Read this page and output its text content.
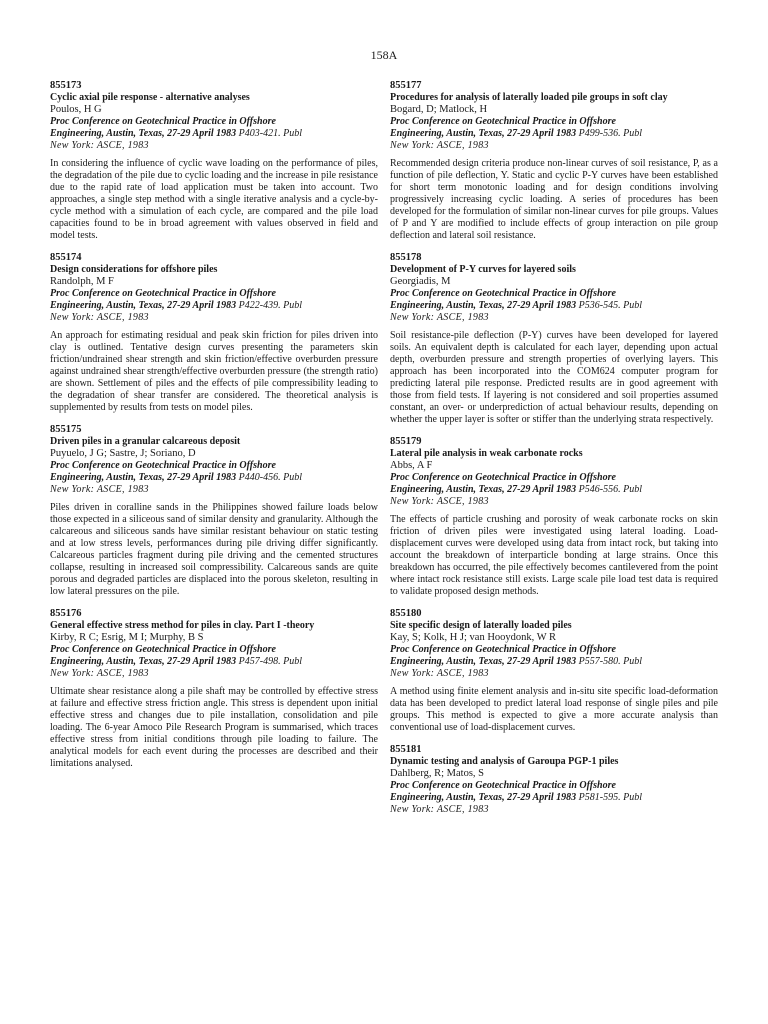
158A
855173
Cyclic axial pile response - alternative analyses
Poulos, H G
Proc Conference on Geotechnical Practice in Offshore
Engineering, Austin, Texas, 27-29 April 1983 P403-421. Publ
New York: ASCE, 1983
In considering the influence of cyclic wave loading on the performance of piles, the degradation of the pile due to cyclic loading and the increase in pile resistance due to the rapid rate of load application must be taken into account. Two approaches, a single step method with a single iterative analysis and a cycle-by-cycle method with a simulation of each cycle, are compared and the pile load capacities found to be in broad agreement with values observed in field and model tests.
855174
Design considerations for offshore piles
Randolph, M F
Proc Conference on Geotechnical Practice in Offshore
Engineering, Austin, Texas, 27-29 April 1983 P422-439. Publ
New York: ASCE, 1983
An approach for estimating residual and peak skin friction for piles driven into clay is outlined. Tentative design curves presenting the parameters skin friction/undrained shear strength and skin friction/effective overburden pressure against undrained shear strength/effective overburden pressure (the strength ratio) are shown. Settlement of piles and the effects of pile compressibility leading to the degradation of shear transfer are considered. The theoretical analysis is supplemented by results from tests on model piles.
855175
Driven piles in a granular calcareous deposit
Puyuelo, J G; Sastre, J; Soriano, D
Proc Conference on Geotechnical Practice in Offshore
Engineering, Austin, Texas, 27-29 April 1983 P440-456. Publ
New York: ASCE, 1983
Piles driven in coralline sands in the Philippines showed failure loads below those expected in a siliceous sand of similar density and granularity. Although the calcareous and siliceous sands have similar resistant behaviour on static testing and at low stress levels, performances during pile driving differ significantly. Calcareous particles fragment during pile driving and the cemented structures collapse, resulting in increased soil compressibility. Calcareous sands are quite porous and degraded particles are displaced into the porous skeleton, resulting in low lateral pressures on the pile.
855176
General effective stress method for piles in clay. Part I -theory
Kirby, R C; Esrig, M I; Murphy, B S
Proc Conference on Geotechnical Practice in Offshore
Engineering, Austin, Texas, 27-29 April 1983 P457-498. Publ
New York: ASCE, 1983
Ultimate shear resistance along a pile shaft may be controlled by effective stress at failure and effective stress friction angle. This stress is dependent upon initial effective stress and changes due to pile installation, consolidation and pile loading. The 6-year Amoco Pile Research Program is summarised, which traces effective stress from initial conditions through pile loading to failure. The analytical models for each event during the processes are described and their limitations analysed.
855177
Procedures for analysis of laterally loaded pile groups in soft clay
Bogard, D; Matlock, H
Proc Conference on Geotechnical Practice in Offshore
Engineering, Austin, Texas, 27-29 April 1983 P499-536. Publ
New York: ASCE, 1983
Recommended design criteria produce non-linear curves of soil resistance, P, as a function of pile deflection, Y. Static and cyclic P-Y curves have been established for short term monotonic loading and for design conditions involving progressively increasing cyclic loading. A series of procedures has been developed for the formulation of similar non-linear curves for pile groups. Values of P and Y are modified to include effects of group interaction on pile group deflection and lateral soil resistance.
855178
Development of P-Y curves for layered soils
Georgiadis, M
Proc Conference on Geotechnical Practice in Offshore
Engineering, Austin, Texas, 27-29 April 1983 P536-545. Publ
New York: ASCE, 1983
Soil resistance-pile deflection (P-Y) curves have been developed for layered soils. An equivalent depth is calculated for each layer, depending upon actual depth, overburden pressure and strength properties of overlying layers. This approach has been incorporated into the COM624 computer program for predicting lateral pile response. Predicted results are in good agreement with those from field tests. If layering is not considered and soil properties assumed constant, an over- or underprediction of actual behaviour results, depending on whether the upper layer is softer or stiffer than the underlying strata respectively.
855179
Lateral pile analysis in weak carbonate rocks
Abbs, A F
Proc Conference on Geotechnical Practice in Offshore
Engineering, Austin, Texas, 27-29 April 1983 P546-556. Publ
New York: ASCE, 1983
The effects of particle crushing and porosity of weak carbonate rocks on skin friction of driven piles were investigated using lateral loading. Load-displacement curves were developed using data from intact rock, but taking into account the breakdown of interparticle bonding at large strains. Once this breakdown has occurred, the pile effectively becomes cantilevered from the point where intact rock resistance still exists. Large scale pile load test data is required to validate proposed design methods.
855180
Site specific design of laterally loaded piles
Kay, S; Kolk, H J; van Hooydonk, W R
Proc Conference on Geotechnical Practice in Offshore
Engineering, Austin, Texas, 27-29 April 1983 P557-580. Publ
New York: ASCE, 1983
A method using finite element analysis and in-situ site specific load-deformation data has been developed to predict lateral load response of single piles and pile groups. This method is expected to give a more accurate analysis than conventional use of load-displacement curves.
855181
Dynamic testing and analysis of Garoupa PGP-1 piles
Dahlberg, R; Matos, S
Proc Conference on Geotechnical Practice in Offshore
Engineering, Austin, Texas, 27-29 April 1983 P581-595. Publ
New York: ASCE, 1983
